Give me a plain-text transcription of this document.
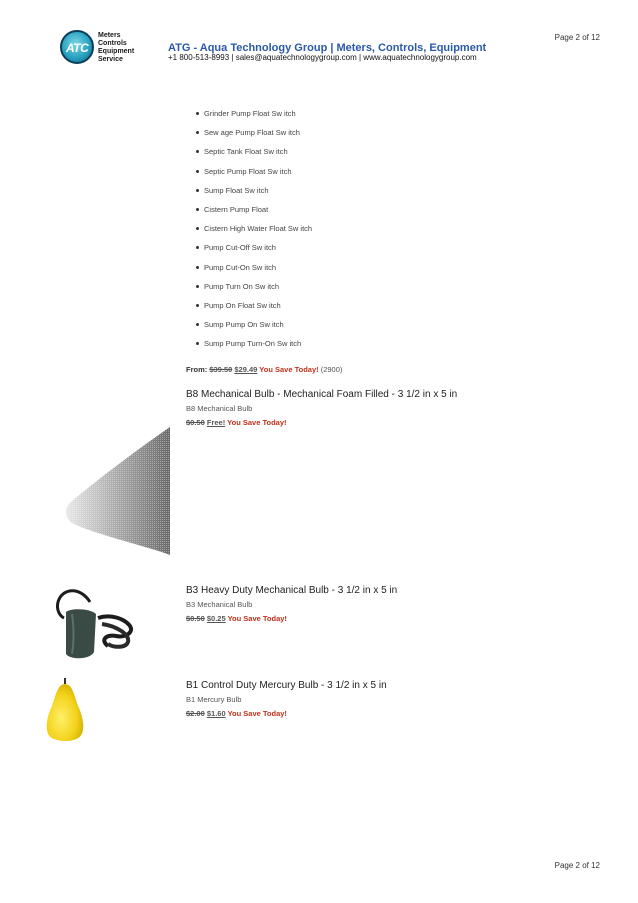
Page 2 of 12
ATC
Meters
Controls
Equipment
Service
ATG - Aqua Technology Group | Meters, Controls, Equipment
+1 800-513-8993 | sales@aquatechnologygroup.com | www.aquatechnologygroup.com
Grinder Pump Float Sw itch
Sew age Pump Float Sw itch
Septic Tank Float Sw itch
Septic Pump Float Sw itch
Sump Float Sw itch
Cistern Pump Float
Cistern High Water Float Sw itch
Pump Cut-Off Sw itch
Pump Cut-On Sw itch
Pump Turn On Sw itch
Pump On Float Sw itch
Sump Pump On Sw itch
Sump Pump Turn-On Sw itch
From: $39.50 $29.49 You Save Today! (2900)
B8 Mechanical Bulb - Mechanical Foam Filled - 3 1/2 in x 5 in
B8 Mechanical Bulb
$0.50 Free! You Save Today!
B3 Heavy Duty Mechanical Bulb - 3 1/2 in x 5 in
B3 Mechanical Bulb
$0.50 $0.25 You Save Today!
B1 Control Duty Mercury Bulb - 3 1/2 in x 5 in
B1 Mercury Bulb
$2.00 $1.60 You Save Today!
Page 2 of 12
